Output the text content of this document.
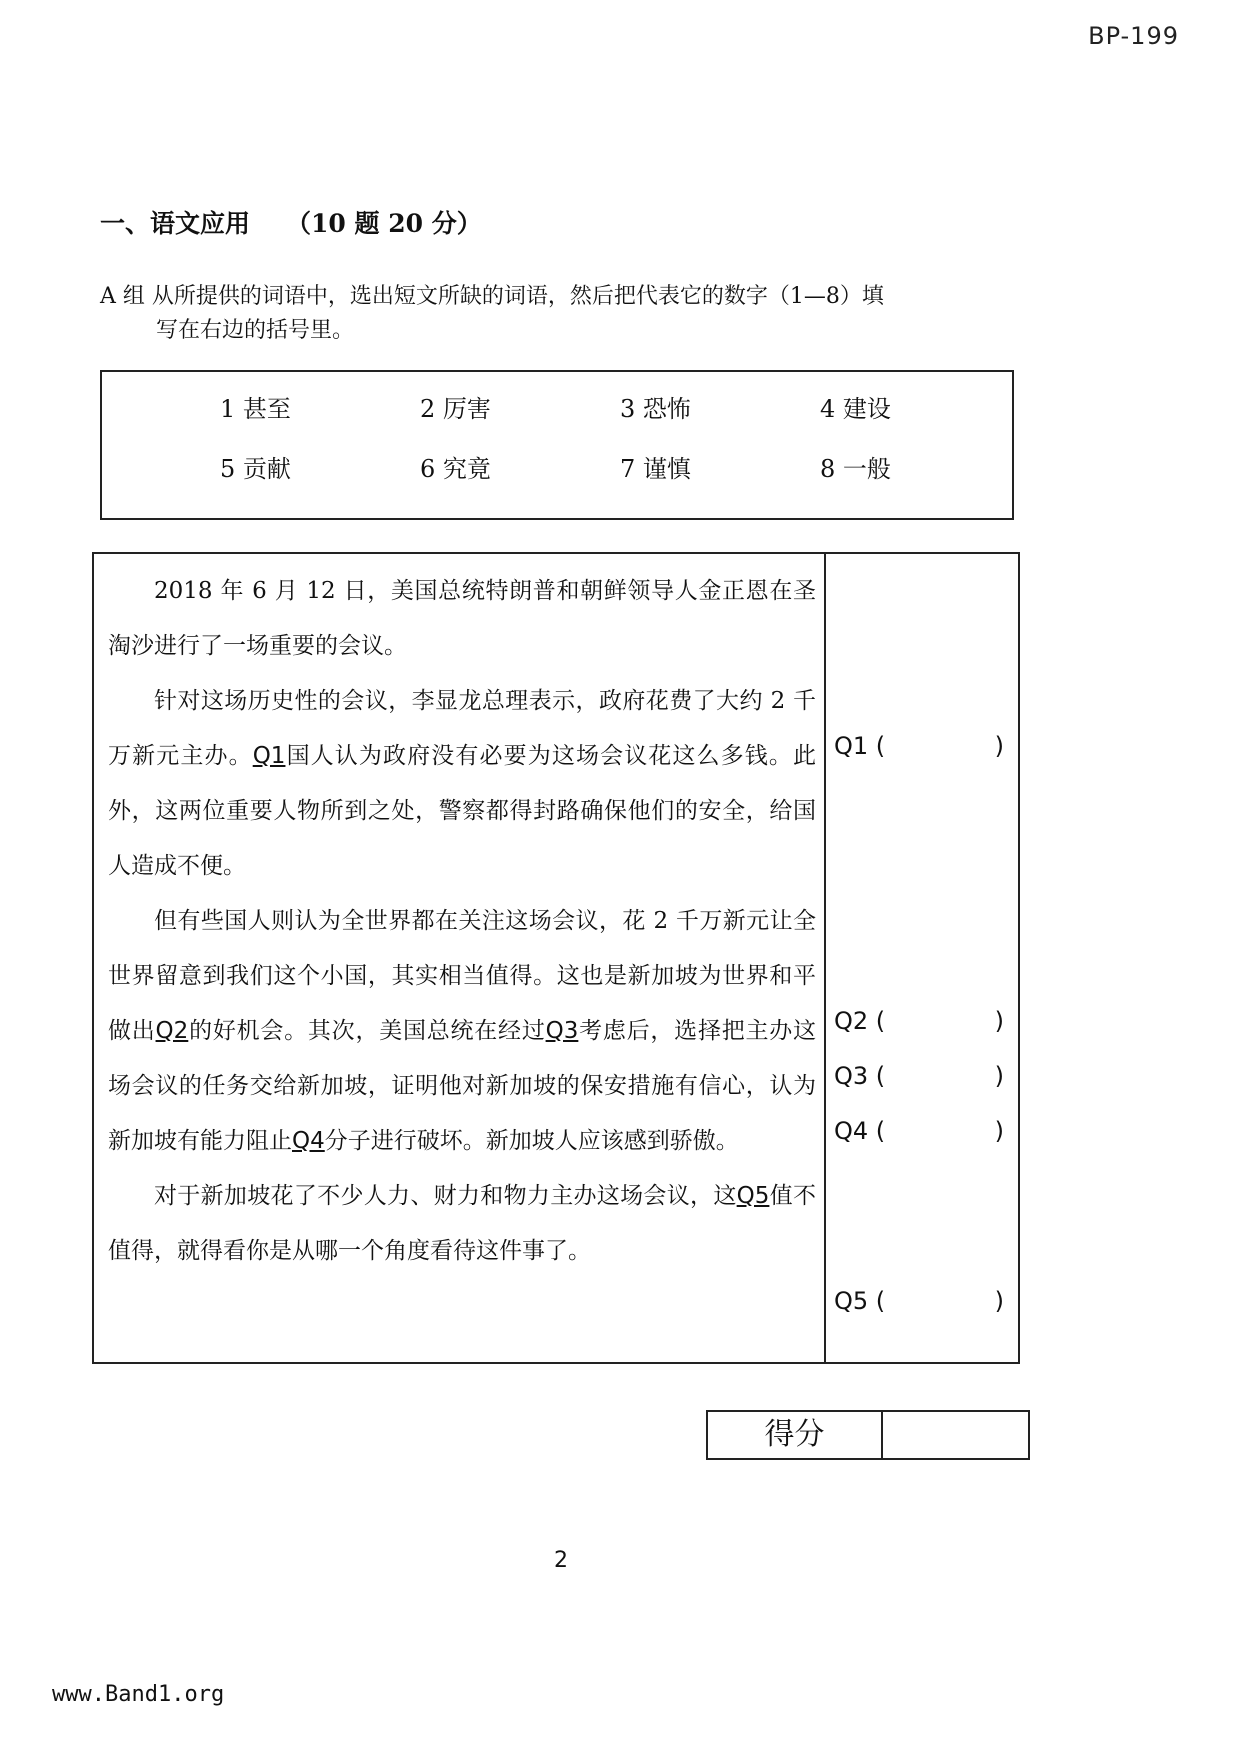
BP-199
一、语文应用 （10 题 20 分）
A 组 从所提供的词语中，选出短文所缺的词语，然后把代表它的数字（1—8）填
写在右边的括号里。
1 甚至	2 厉害	3 恐怖	4 建设
5 贡献	6 究竟	7 谨慎	8 一般

2018 年 6 月 12 日，美国总统特朗普和朝鲜领导人金正恩在圣淘沙进行了一场重要的会议。

针对这场历史性的会议，李显龙总理表示，政府花费了大约 2 千万新元主办。Q1国人认为政府没有必要为这场会议花这么多钱。此外，这两位重要人物所到之处，警察都得封路确保他们的安全，给国人造成不便。

但有些国人则认为全世界都在关注这场会议，花 2 千万新元让全世界留意到我们这个小国，其实相当值得。这也是新加坡为世界和平做出Q2的好机会。其次，美国总统在经过Q3考虑后，选择把主办这场会议的任务交给新加坡，证明他对新加坡的保安措施有信心，认为新加坡有能力阻止Q4分子进行破坏。新加坡人应该感到骄傲。

对于新加坡花了不少人力、财力和物力主办这场会议，这Q5值不值得，就得看你是从哪一个角度看待这件事了。

Q1 (	)
Q2 (	)
Q3 (	)
Q4 (	)
Q5 (	)
得分
2
www.Band1.org
